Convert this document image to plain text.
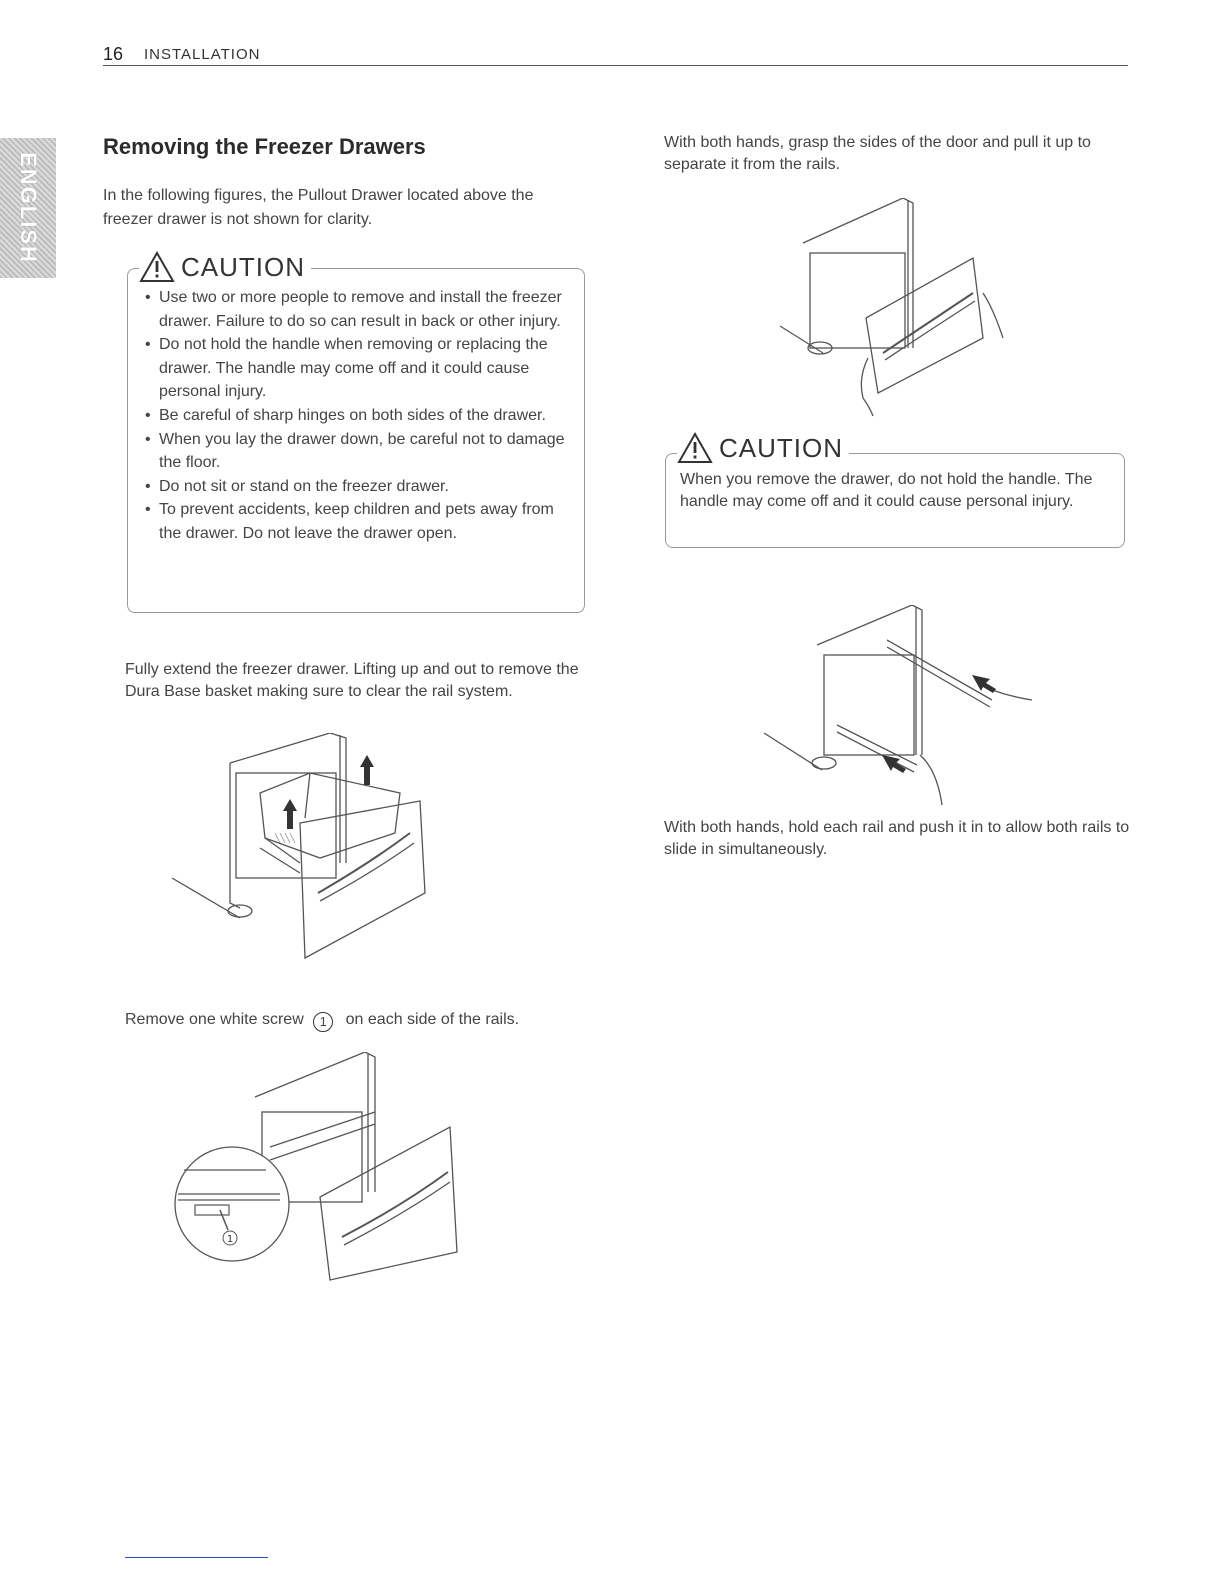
16 INSTALLATION
ENGLISH
Removing the Freezer Drawers
In the following figures, the Pullout Drawer located above the freezer drawer is not shown for clarity.
CAUTION
• Use two or more people to remove and install the freezer drawer. Failure to do so can result in back or other injury.
• Do not hold the handle when removing or replacing the drawer. The handle may come off and it could cause personal injury.
• Be careful of sharp hinges on both sides of the drawer.
• When you lay the drawer down, be careful not to damage the floor.
• Do not sit or stand on the freezer drawer.
• To prevent accidents, keep children and pets away from the drawer. Do not leave the drawer open.
Fully extend the freezer drawer. Lifting up and out to remove the Dura Base basket making sure to clear the rail system.
Remove one white screw 1 on each side of the rails.
1
With both hands, grasp the sides of the door and pull it up to separate it from the rails.
CAUTION
When you remove the drawer, do not hold the handle. The handle may come off and it could cause personal injury.
With both hands, hold each rail and push it in to allow both rails to slide in simultaneously.
